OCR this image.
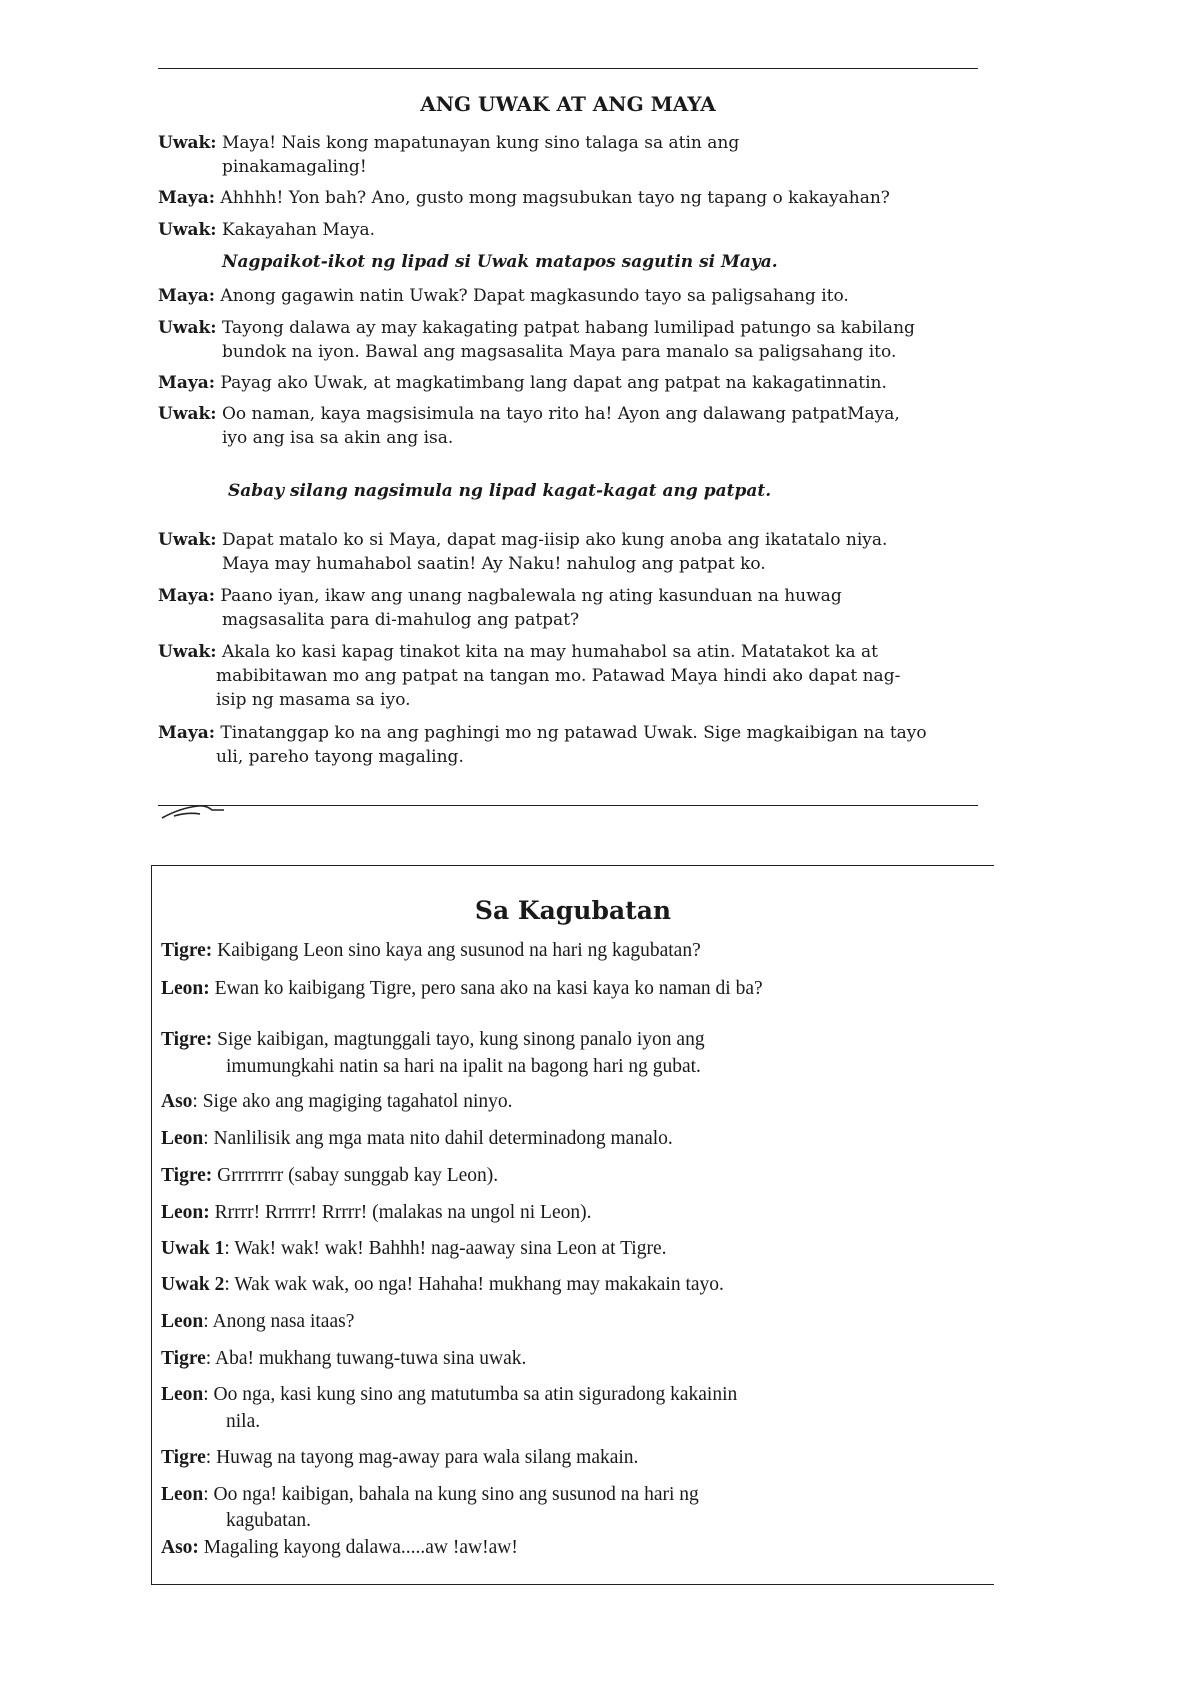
ANG UWAK AT ANG MAYA
Uwak: Maya! Nais kong mapatunayan kung sino talaga sa atin ang
pinakamagaling!
Maya: Ahhhh! Yon bah? Ano, gusto mong magsubukan tayo ng tapang o kakayahan?
Uwak: Kakayahan Maya.
Nagpaikot-ikot ng lipad si Uwak matapos sagutin si Maya.
Maya: Anong gagawin natin Uwak? Dapat magkasundo tayo sa paligsahang ito.
Uwak: Tayong dalawa ay may kakagating patpat habang lumilipad patungo sa kabilang
bundok na iyon. Bawal ang magsasalita Maya para manalo sa paligsahang ito.
Maya: Payag ako Uwak, at magkatimbang lang dapat ang patpat na kakagatinnatin.
Uwak: Oo naman, kaya magsisimula na tayo rito ha! Ayon ang dalawang patpatMaya,
iyo ang isa sa akin ang isa.
Sabay silang nagsimula ng lipad kagat-kagat ang patpat.
Uwak: Dapat matalo ko si Maya, dapat mag-iisip ako kung anoba ang ikatatalo niya.
Maya may humahabol saatin! Ay Naku! nahulog ang patpat ko.
Maya: Paano iyan, ikaw ang unang nagbalewala ng ating kasunduan na huwag
magsasalita para di-mahulog ang patpat?
Uwak: Akala ko kasi kapag tinakot kita na may humahabol sa atin. Matatakot ka at
mabibitawan mo ang patpat na tangan mo. Patawad Maya hindi ako dapat nag-
isip ng masama sa iyo.
Maya: Tinatanggap ko na ang paghingi mo ng patawad Uwak. Sige magkaibigan na tayo
uli, pareho tayong magaling.
Sa Kagubatan
Tigre: Kaibigang Leon sino kaya ang susunod na hari ng kagubatan?
Leon: Ewan ko kaibigang Tigre, pero sana ako na kasi kaya ko naman di ba?
Tigre: Sige kaibigan, magtunggali tayo, kung sinong panalo iyon ang
imumungkahi natin sa hari na ipalit na bagong hari ng gubat.
Aso: Sige ako ang magiging tagahatol ninyo.
Leon: Nanlilisik ang mga mata nito dahil determinadong manalo.
Tigre: Grrrrrrrr (sabay sunggab kay Leon).
Leon: Rrrrr! Rrrrrr! Rrrrr! (malakas na ungol ni Leon).
Uwak 1: Wak! wak! wak! Bahhh! nag-aaway sina Leon at Tigre.
Uwak 2: Wak wak wak, oo nga! Hahaha! mukhang may makakain tayo.
Leon: Anong nasa itaas?
Tigre: Aba! mukhang tuwang-tuwa sina uwak.
Leon: Oo nga, kasi kung sino ang matutumba sa atin siguradong kakainin
nila.
Tigre: Huwag na tayong mag-away para wala silang makain.
Leon: Oo nga! kaibigan, bahala na kung sino ang susunod na hari ng
kagubatan.
Aso: Magaling kayong dalawa.....aw !aw!aw!
